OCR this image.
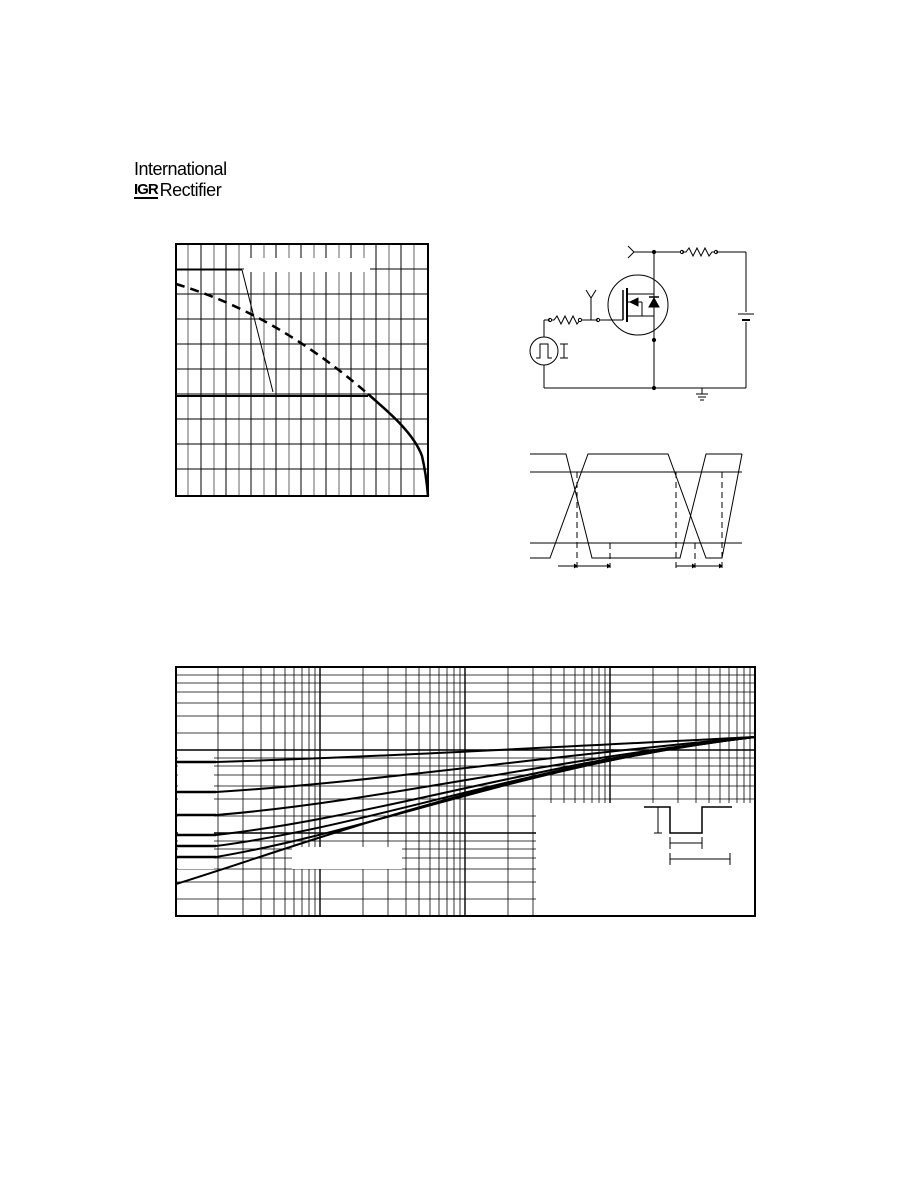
International
IGR Rectifier
